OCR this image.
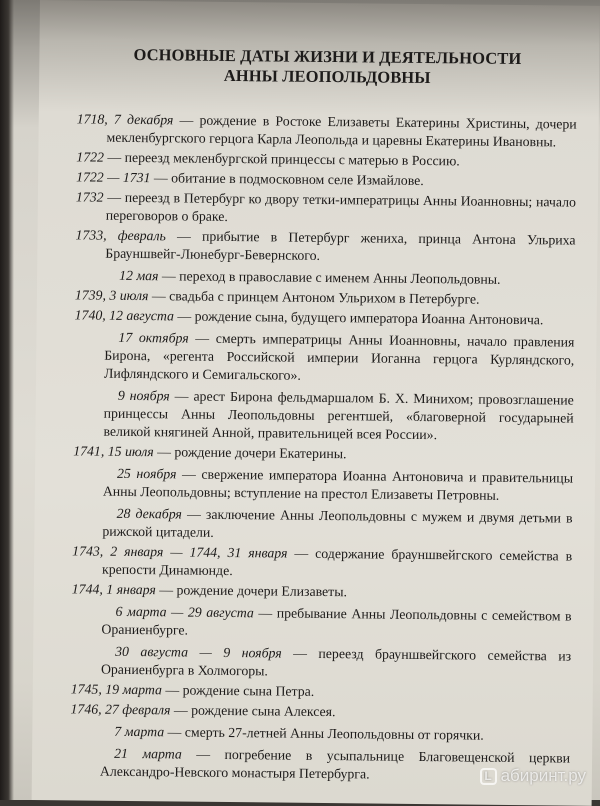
ОСНОВНЫЕ ДАТЫ ЖИЗНИ И ДЕЯТЕЛЬНОСТИ
АННЫ ЛЕОПОЛЬДОВНЫ

1718, 7 декабря — рождение в Ростоке Елизаветы Екатерины Христины, дочери мекленбургского герцога Карла Леопольда и царевны Екатерины Ивановны.

1722 — переезд мекленбургской принцессы с матерью в Россию.

1722 — 1731 — обитание в подмосковном селе Измайлове.

1732 — переезд в Петербург ко двору тетки-императрицы Анны Иоанновны; начало переговоров о браке.

1733, февраль — прибытие в Петербург жениха, принца Антона Ульриха Брауншвейг-Люнебург-Бевернского.

12 мая — переход в православие с именем Анны Леопольдовны.

1739, 3 июля — свадьба с принцем Антоном Ульрихом в Петербурге.

1740, 12 августа — рождение сына, будущего императора Иоанна Антоновича.

17 октября — смерть императрицы Анны Иоанновны, начало правления Бирона, «регента Российской империи Иоганна герцога Курляндского, Лифляндского и Семигальского».

9 ноября — арест Бирона фельдмаршалом Б. Х. Минихом; провозглашение принцессы Анны Леопольдовны регентшей, «благоверной государыней великой княгиней Анной, правительницей всея России».

1741, 15 июля — рождение дочери Екатерины.

25 ноября — свержение императора Иоанна Антоновича и правительницы Анны Леопольдовны; вступление на престол Елизаветы Петровны.

28 декабря — заключение Анны Леопольдовны с мужем и двумя детьми в рижской цитадели.

1743, 2 января — 1744, 31 января — содержание брауншвейгского семейства в крепости Динамюнде.

1744, 1 января — рождение дочери Елизаветы.

6 марта — 29 августа — пребывание Анны Леопольдовны с семейством в Ораниенбурге.

30 августа — 9 ноября — переезд брауншвейгского семейства из Ораниенбурга в Холмогоры.

1745, 19 марта — рождение сына Петра.

1746, 27 февраля — рождение сына Алексея.

7 марта — смерть 27-летней Анны Леопольдовны от горячки.

21 марта — погребение в усыпальнице Благовещенской церкви Александро-Невского монастыря Петербурга.

L абиринт.ру
